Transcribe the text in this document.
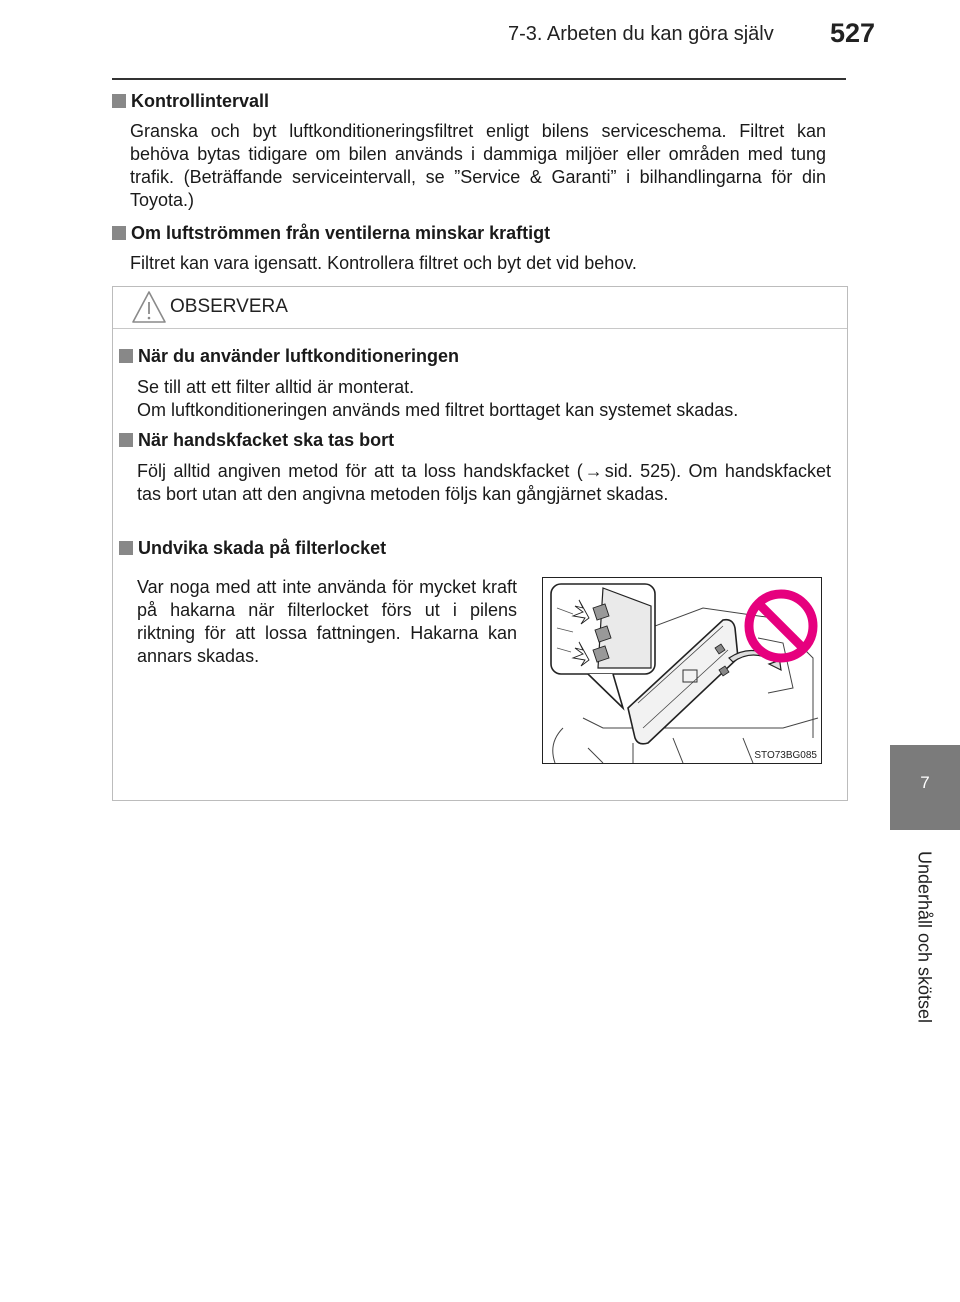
7-3. Arbeten du kan göra själv 527
7
Underhåll och skötsel
Kontrollintervall
Granska och byt luftkonditioneringsfiltret enligt bilens serviceschema. Filtret kan behöva bytas tidigare om bilen används i dammiga miljöer eller områden med tung trafik. (Beträffande serviceintervall, se ”Service & Garanti” i bilhandlingarna för din Toyota.)
Om luftströmmen från ventilerna minskar kraftigt
Filtret kan vara igensatt. Kontrollera filtret och byt det vid behov.
OBSERVERA
När du använder luftkonditioneringen
Se till att ett filter alltid är monterat.
Om luftkonditioneringen används med filtret borttaget kan systemet skadas.
När handskfacket ska tas bort
Följ alltid angiven metod för att ta loss handskfacket ( → sid. 525). Om handskfacket tas bort utan att den angivna metoden följs kan gångjärnet skadas.
Undvika skada på filterlocket
Var noga med att inte använda för mycket kraft på hakarna när filterlocket förs ut i pilens riktning för att lossa fattningen. Hakarna kan annars skadas.
STO73BG085
